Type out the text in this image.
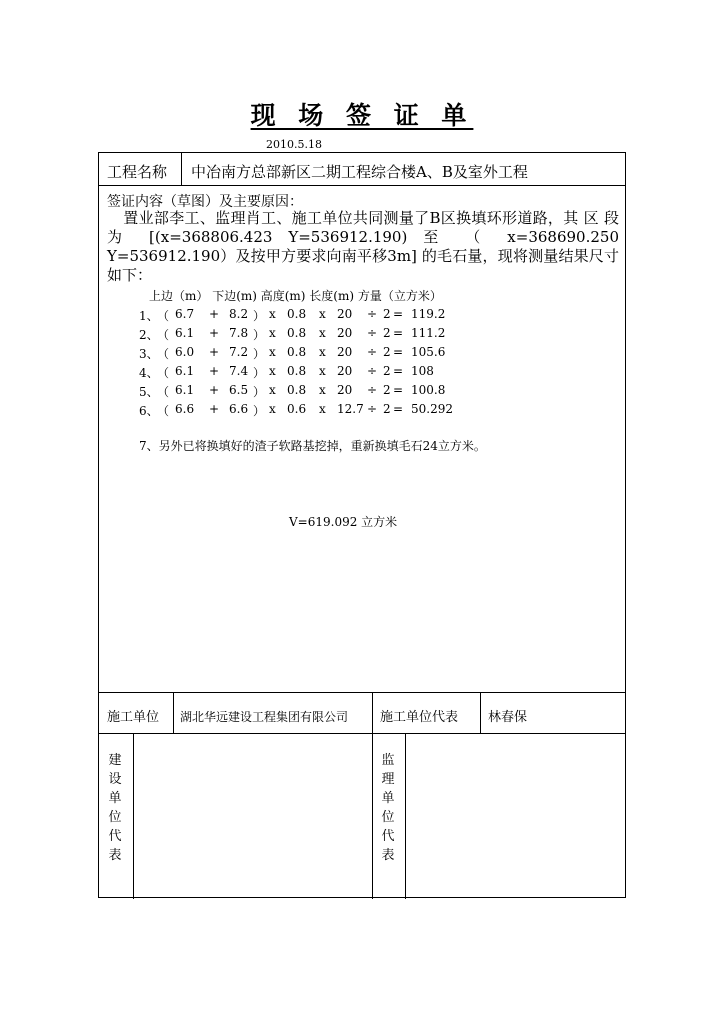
现 场 签 证 单
2010.5.18
工程名称 中冶南方总部新区二期工程综合楼A、B及室外工程
签证内容（草图）及主要原因：
置业部李工、监理肖工、施工单位共同测量了B区换填环形道路，其 区 段 为 [(x=368806.423 Y=536912.190) 至 （ x=368690.250 Y=536912.190）及按甲方要求向南平移3m] 的毛石量，现将测量结果尺寸如下：
上边（m） 下边(m) 高度(m) 长度(m) 方量（立方米）
1、
（ 6.7 + 8.2 ） x 0.8 x 20 ÷ 2 = 119.2
2、
（ 6.1 + 7.8 ） x 0.8 x 20 ÷ 2 = 111.2
3、
（ 6.0 + 7.2 ） x 0.8 x 20 ÷ 2 = 105.6
4、
（ 6.1 + 7.4 ） x 0.8 x 20 ÷ 2 = 108
5、
（ 6.1 + 6.5 ） x 0.8 x 20 ÷ 2 = 100.8
6、
（ 6.6 + 6.6 ） x 0.6 x 12.7 ÷ 2 = 50.292
7、另外已将换填好的渣子软路基挖掉，重新换填毛石24立方米。
V=619.092 立方米
施工单位 湖北华远建设工程集团有限公司 施工单位代表 林春保
建
设
单
位
代
表
监
理
单
位
代
表
